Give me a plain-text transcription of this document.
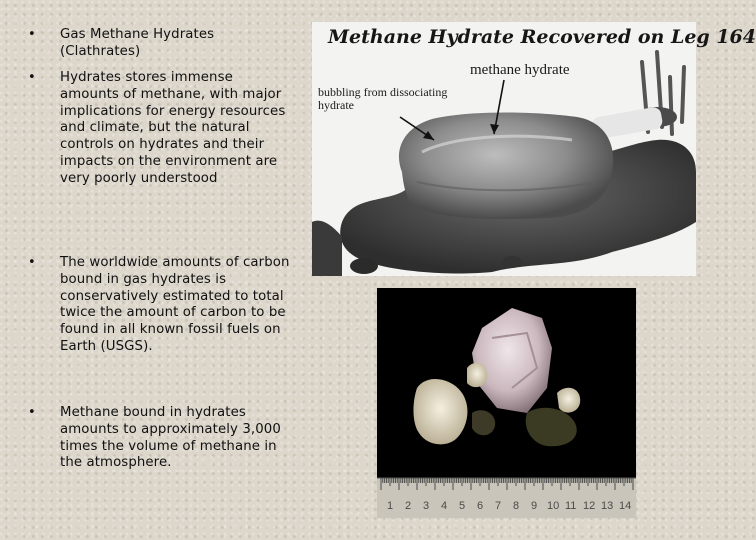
• Gas Methane Hydrates (Clathrates)
• Hydrates stores immense amounts of methane, with major implications for energy resources and climate, but the natural controls on hydrates and their impacts on the environment are very poorly understood
• The worldwide amounts of carbon bound in gas hydrates is conservatively estimated to total twice the amount of carbon to be found in all known fossil fuels on Earth (USGS).
• Methane bound in hydrates amounts to approximately 3,000 times the volume of methane in the atmosphere.
Methane Hydrate Recovered on Leg 164
methane hydrate
bubbling from dissociating hydrate
1 2 3 4 5 6 7 8 9 10 11 12 13 14
